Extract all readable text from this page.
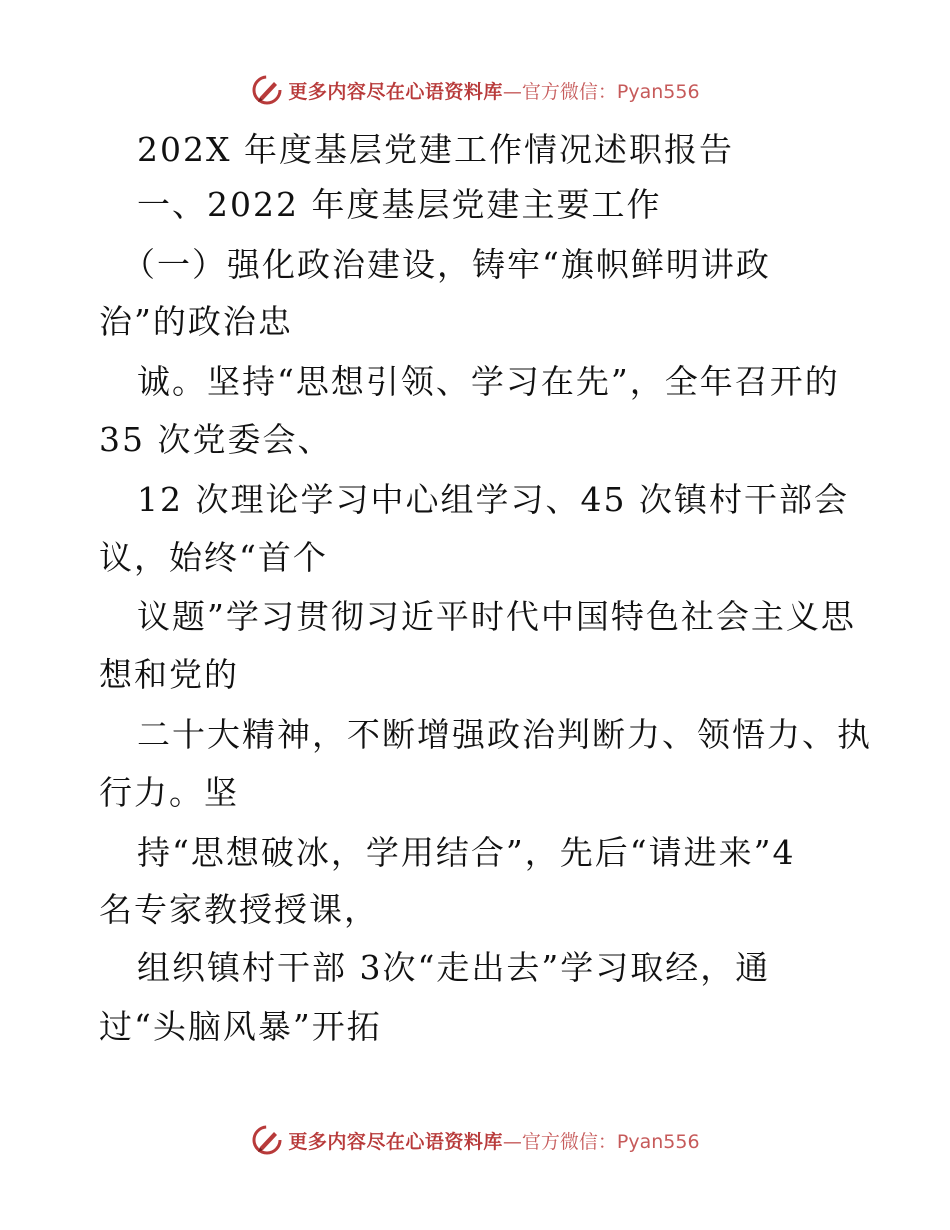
更多内容尽在心语资料库 —官方微信：Pyan556
202X 年度基层党建工作情况述职报告
一、2022 年度基层党建主要工作
（一）强化政治建设，铸牢“旗帜鲜明讲政
治”的政治忠
诚。坚持“思想引领、学习在先”，全年召开的
35 次党委会、
12 次理论学习中心组学习、45 次镇村干部会
议，始终“首个
议题”学习贯彻习近平时代中国特色社会主义思
想和党的
二十大精神，不断增强政治判断力、领悟力、执
行力。坚
持“思想破冰，学用结合”，先后“请进来”4
名专家教授授课，
组织镇村干部 3次“走出去”学习取经，通
过“头脑风暴”开拓
更多内容尽在心语资料库 —官方微信：Pyan556
